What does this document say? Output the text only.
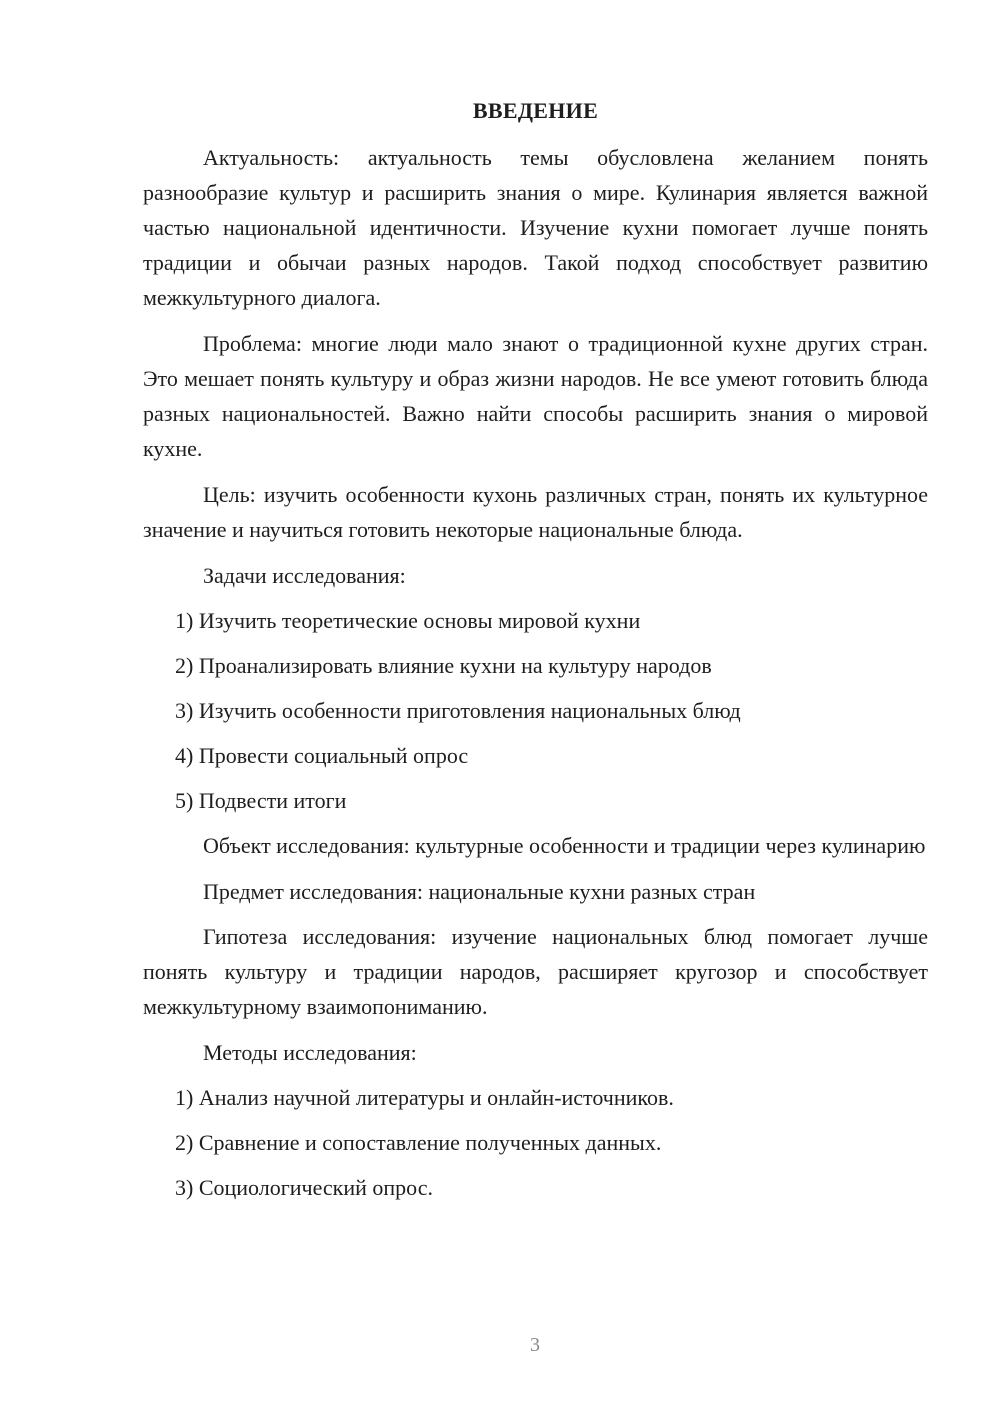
ВВЕДЕНИЕ

Актуальность: актуальность темы обусловлена желанием понять разнообразие культур и расширить знания о мире. Кулинария является важной частью национальной идентичности. Изучение кухни помогает лучше понять традиции и обычаи разных народов. Такой подход способствует развитию межкультурного диалога.

Проблема: многие люди мало знают о традиционной кухне других стран. Это мешает понять культуру и образ жизни народов. Не все умеют готовить блюда разных национальностей. Важно найти способы расширить знания о мировой кухне.

Цель: изучить особенности кухонь различных стран, понять их культурное значение и научиться готовить некоторые национальные блюда.

Задачи исследования:

1) Изучить теоретические основы мировой кухни
2) Проанализировать влияние кухни на культуру народов
3) Изучить особенности приготовления национальных блюд
4) Провести социальный опрос
5) Подвести итоги

Объект исследования: культурные особенности и традиции через кулинарию

Предмет исследования: национальные кухни разных стран

Гипотеза исследования: изучение национальных блюд помогает лучше понять культуру и традиции народов, расширяет кругозор и способствует межкультурному взаимопониманию.

Методы исследования:

1) Анализ научной литературы и онлайн-источников.
2) Сравнение и сопоставление полученных данных.
3) Социологический опрос.
3
